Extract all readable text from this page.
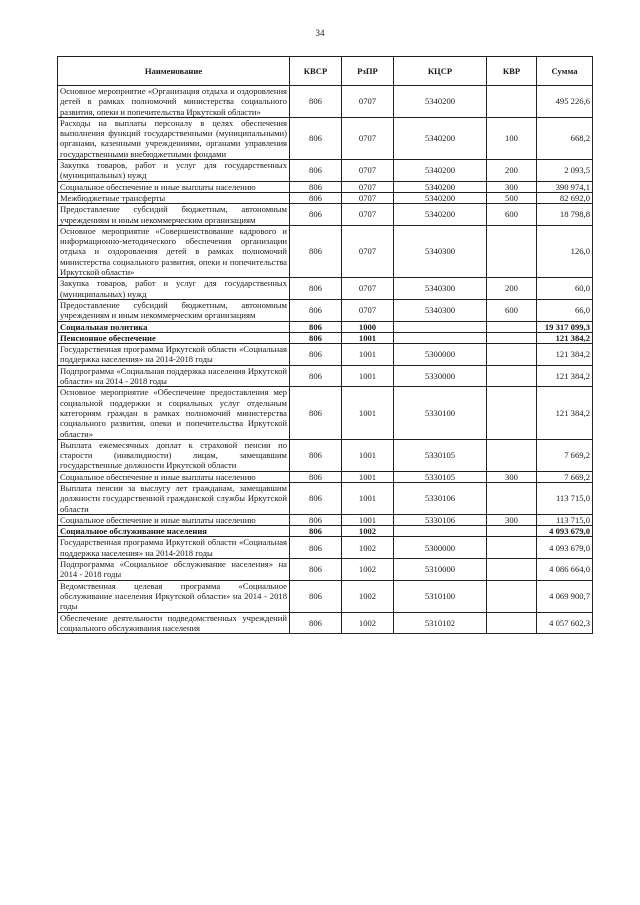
34
Наименование	КВСР	РзПР	КЦСР	КВР	Сумма
Основное мероприятие «Организация отдыха и оздоровления детей в рамках полномочий министерства социального развития, опеки и попечительства Иркутской области»	806	0707	5340200		495 226,6
Расходы на выплаты персоналу в целях обеспечения выполнения функций государственными (муниципальными) органами, казенными учреждениями, органами управления государственными внебюджетными фондами	806	0707	5340200	100	668,2
Закупка товаров, работ и услуг для государственных (муниципальных) нужд	806	0707	5340200	200	2 093,5
Социальное обеспечение и иные выплаты населению	806	0707	5340200	300	390 974,1
Межбюджетные трансферты	806	0707	5340200	500	82 692,0
Предоставление субсидий бюджетным, автономным учреждениям и иным некоммерческим организациям	806	0707	5340200	600	18 798,8
Основное мероприятие «Совершенствование кадрового и информационно-методического обеспечения организации отдыха и оздоровления детей в рамках полномочий министерства социального развития, опеки и попечительства Иркутской области»	806	0707	5340300		126,0
Закупка товаров, работ и услуг для государственных (муниципальных) нужд	806	0707	5340300	200	60,0
Предоставление субсидий бюджетным, автономным учреждениям и иным некоммерческим организациям	806	0707	5340300	600	66,0
Социальная политика	806	1000			19 317 099,3
Пенсионное обеспечение	806	1001			121 384,2
Государственная программа Иркутской области «Социальная поддержка населения» на 2014-2018 годы	806	1001	5300000		121 384,2
Подпрограмма «Социальная поддержка населения Иркутской области» на 2014 - 2018 годы	806	1001	5330000		121 384,2
Основное мероприятие «Обеспечение предоставления мер социальной поддержки и социальных услуг отдельным категориям граждан в рамках полномочий министерства социального развития, опеки и попечительства Иркутской области»	806	1001	5330100		121 384,2
Выплата ежемесячных доплат к страховой пенсии по старости (инвалидности) лицам, замещавшим государственные должности Иркутской области	806	1001	5330105		7 669,2
Социальное обеспечение и иные выплаты населению	806	1001	5330105	300	7 669,2
Выплата пенсии за выслугу лет гражданам, замещавшим должности государственной гражданской службы Иркутской области	806	1001	5330106		113 715,0
Социальное обеспечение и иные выплаты населению	806	1001	5330106	300	113 715,0
Социальное обслуживание населения	806	1002			4 093 679,0
Государственная программа Иркутской области «Социальная поддержка населения» на 2014-2018 годы	806	1002	5300000		4 093 679,0
Подпрограмма «Социальное обслуживание населения» на 2014 - 2018 годы	806	1002	5310000		4 086 664,0
Ведомственная целевая программа «Социальное обслуживание населения Иркутской области» на 2014 - 2018 годы	806	1002	5310100		4 069 900,7
Обеспечение деятельности подведомственных учреждений социального обслуживания населения	806	1002	5310102		4 057 602,3
